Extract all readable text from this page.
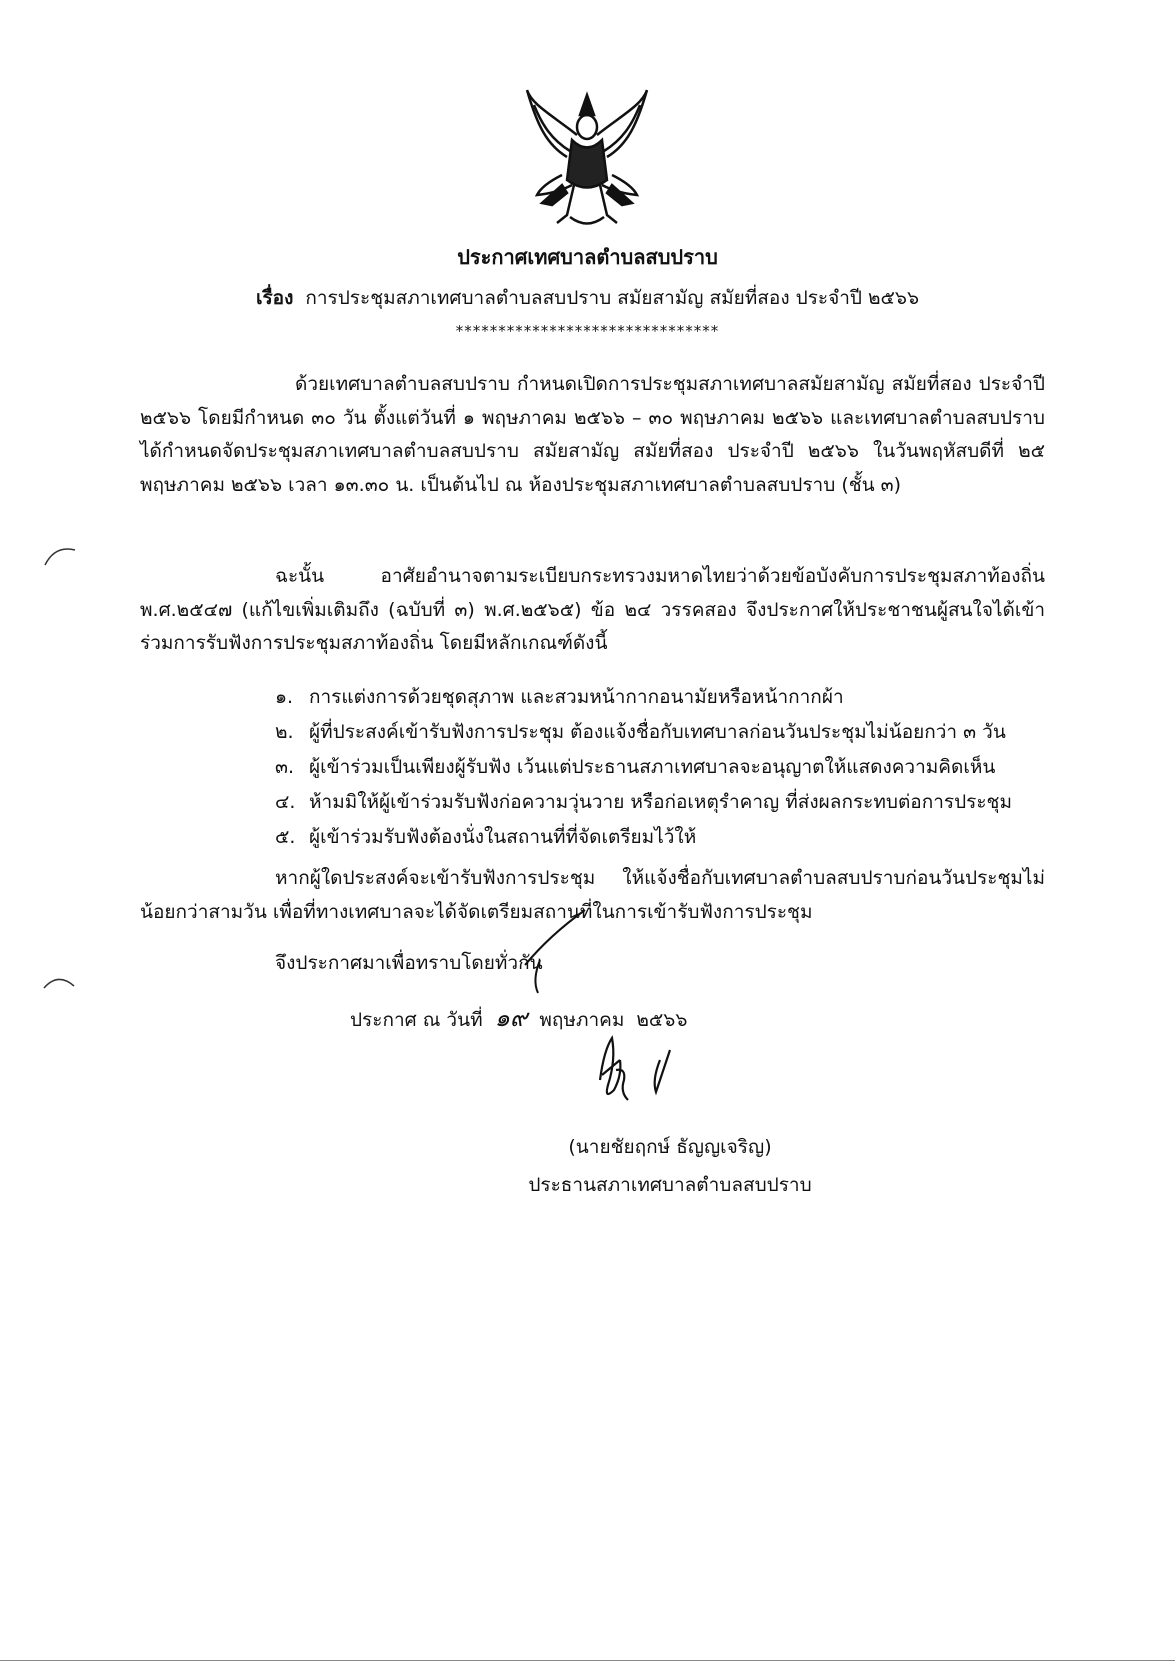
ประกาศเทศบาลตำบลสบปราบ
เรื่อง การประชุมสภาเทศบาลตำบลสบปราบ สมัยสามัญ สมัยที่สอง ประจำปี ๒๕๖๖
*******************************
ด้วยเทศบาลตำบลสบปราบ กำหนดเปิดการประชุมสภาเทศบาลสมัยสามัญ สมัยที่สอง ประจำปี ๒๕๖๖ โดยมีกำหนด ๓๐ วัน ตั้งแต่วันที่ ๑ พฤษภาคม ๒๕๖๖ – ๓๐ พฤษภาคม ๒๕๖๖ และเทศบาลตำบลสบปราบได้กำหนดจัดประชุมสภาเทศบาลตำบลสบปราบ สมัยสามัญ สมัยที่สอง ประจำปี ๒๕๖๖ ในวันพฤหัสบดีที่ ๒๕ พฤษภาคม ๒๕๖๖ เวลา ๑๓.๓๐ น. เป็นต้นไป ณ ห้องประชุมสภาเทศบาลตำบลสบปราบ (ชั้น ๓)
ฉะนั้น อาศัยอำนาจตามระเบียบกระทรวงมหาดไทยว่าด้วยข้อบังคับการประชุมสภาท้องถิ่น พ.ศ.๒๕๔๗ (แก้ไขเพิ่มเติมถึง (ฉบับที่ ๓) พ.ศ.๒๕๖๕) ข้อ ๒๔ วรรคสอง จึงประกาศให้ประชาชนผู้สนใจได้เข้าร่วมการรับฟังการประชุมสภาท้องถิ่น โดยมีหลักเกณฑ์ดังนี้
๑. การแต่งการด้วยชุดสุภาพ และสวมหน้ากากอนามัยหรือหน้ากากผ้า
๒. ผู้ที่ประสงค์เข้ารับฟังการประชุม ต้องแจ้งชื่อกับเทศบาลก่อนวันประชุมไม่น้อยกว่า ๓ วัน
๓. ผู้เข้าร่วมเป็นเพียงผู้รับฟัง เว้นแต่ประธานสภาเทศบาลจะอนุญาตให้แสดงความคิดเห็น
๔. ห้ามมิให้ผู้เข้าร่วมรับฟังก่อความวุ่นวาย หรือก่อเหตุรำคาญ ที่ส่งผลกระทบต่อการประชุม
๕. ผู้เข้าร่วมรับฟังต้องนั่งในสถานที่ที่จัดเตรียมไว้ให้
หากผู้ใดประสงค์จะเข้ารับฟังการประชุม ให้แจ้งชื่อกับเทศบาลตำบลสบปราบก่อนวันประชุมไม่น้อยกว่าสามวัน เพื่อที่ทางเทศบาลจะได้จัดเตรียมสถานที่ในการเข้ารับฟังการประชุม
จึงประกาศมาเพื่อทราบโดยทั่วกัน
ประกาศ ณ วันที่ ๑๙ พฤษภาคม ๒๕๖๖
(นายชัยฤกษ์ ธัญญเจริญ)
ประธานสภาเทศบาลตำบลสบปราบ
